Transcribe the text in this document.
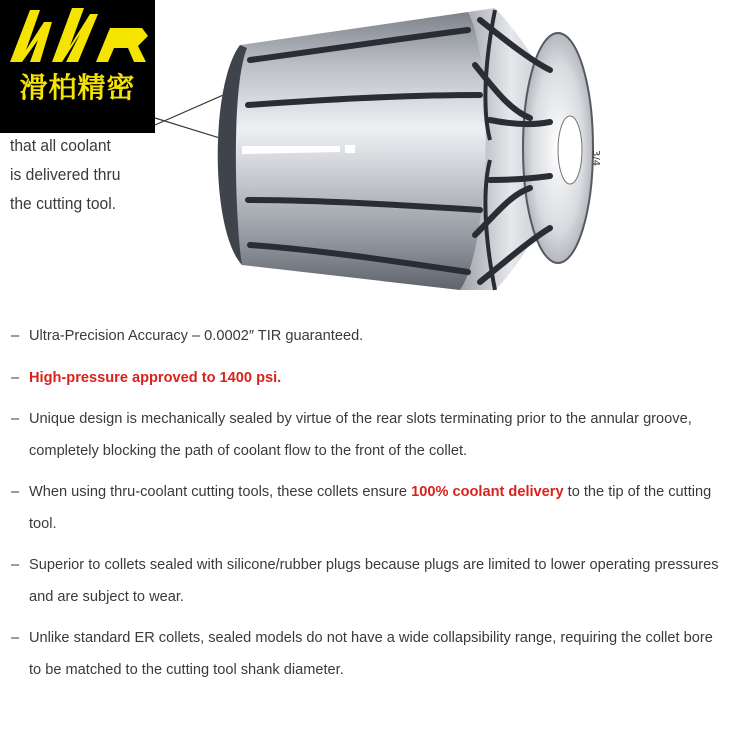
滑柏精密
that all coolant
is delivered thru
the cutting tool.
3/4
– Ultra-Precision Accuracy – 0.0002″ TIR guaranteed.
– High-pressure approved to 1400 psi.
– Unique design is mechanically sealed by virtue of the rear slots terminating prior to the annular groove, completely blocking the path of coolant flow to the front of the collet.
– When using thru-coolant cutting tools, these collets ensure 100% coolant delivery to the tip of the cutting tool.
– Superior to collets sealed with silicone/rubber plugs because plugs are limited to lower operating pressures and are subject to wear.
– Unlike standard ER collets, sealed models do not have a wide collapsibility range, requiring the collet bore to be matched to the cutting tool shank diameter.
